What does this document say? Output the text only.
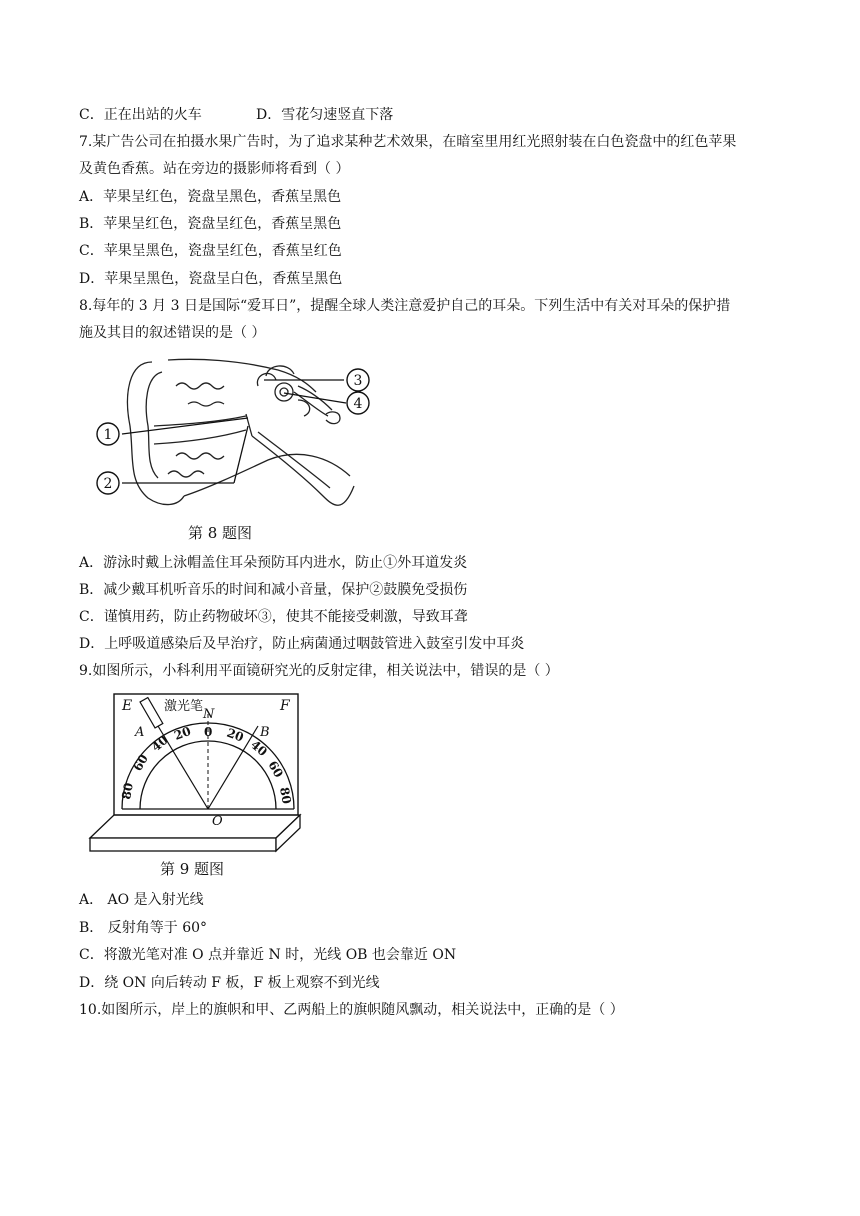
C．正在出站的火车	D．雪花匀速竖直下落
7.某广告公司在拍摄水果广告时，为了追求某种艺术效果，在暗室里用红光照射装在白色瓷盘中的红色苹果
及黄色香蕉。站在旁边的摄影师将看到（ ）
A．苹果呈红色，瓷盘呈黑色，香蕉呈黑色
B．苹果呈红色，瓷盘呈红色，香蕉呈黑色
C．苹果呈黑色，瓷盘呈红色，香蕉呈红色
D．苹果呈黑色，瓷盘呈白色，香蕉呈黑色
8.每年的 3 月 3 日是国际“爱耳日”，提醒全球人类注意爱护自己的耳朵。下列生活中有关对耳朵的保护措
施及其目的叙述错误的是（ ）
1
2
3
4
第 8 题图
A．游泳时戴上泳帽盖住耳朵预防耳内进水，防止①外耳道发炎
B．减少戴耳机听音乐的时间和减小音量，保护②鼓膜免受损伤
C．谨慎用药，防止药物破坏③，使其不能接受刺激，导致耳聋
D．上呼吸道感染后及早治疗，防止病菌通过咽鼓管进入鼓室引发中耳炎
9.如图所示，小科利用平面镜研究光的反射定律，相关说法中，错误的是（ ）
E	F
N
A	B
O
激光笔
80
60
40 20 0 20
40
60
80
第 9 题图
A． AO 是入射光线
B． 反射角等于 60°
C．将激光笔对准 O 点并靠近 N 时，光线 OB 也会靠近 ON
D．绕 ON 向后转动 F 板，F 板上观察不到光线
10.如图所示，岸上的旗帜和甲、乙两船上的旗帜随风飘动，相关说法中，正确的是（ ）
